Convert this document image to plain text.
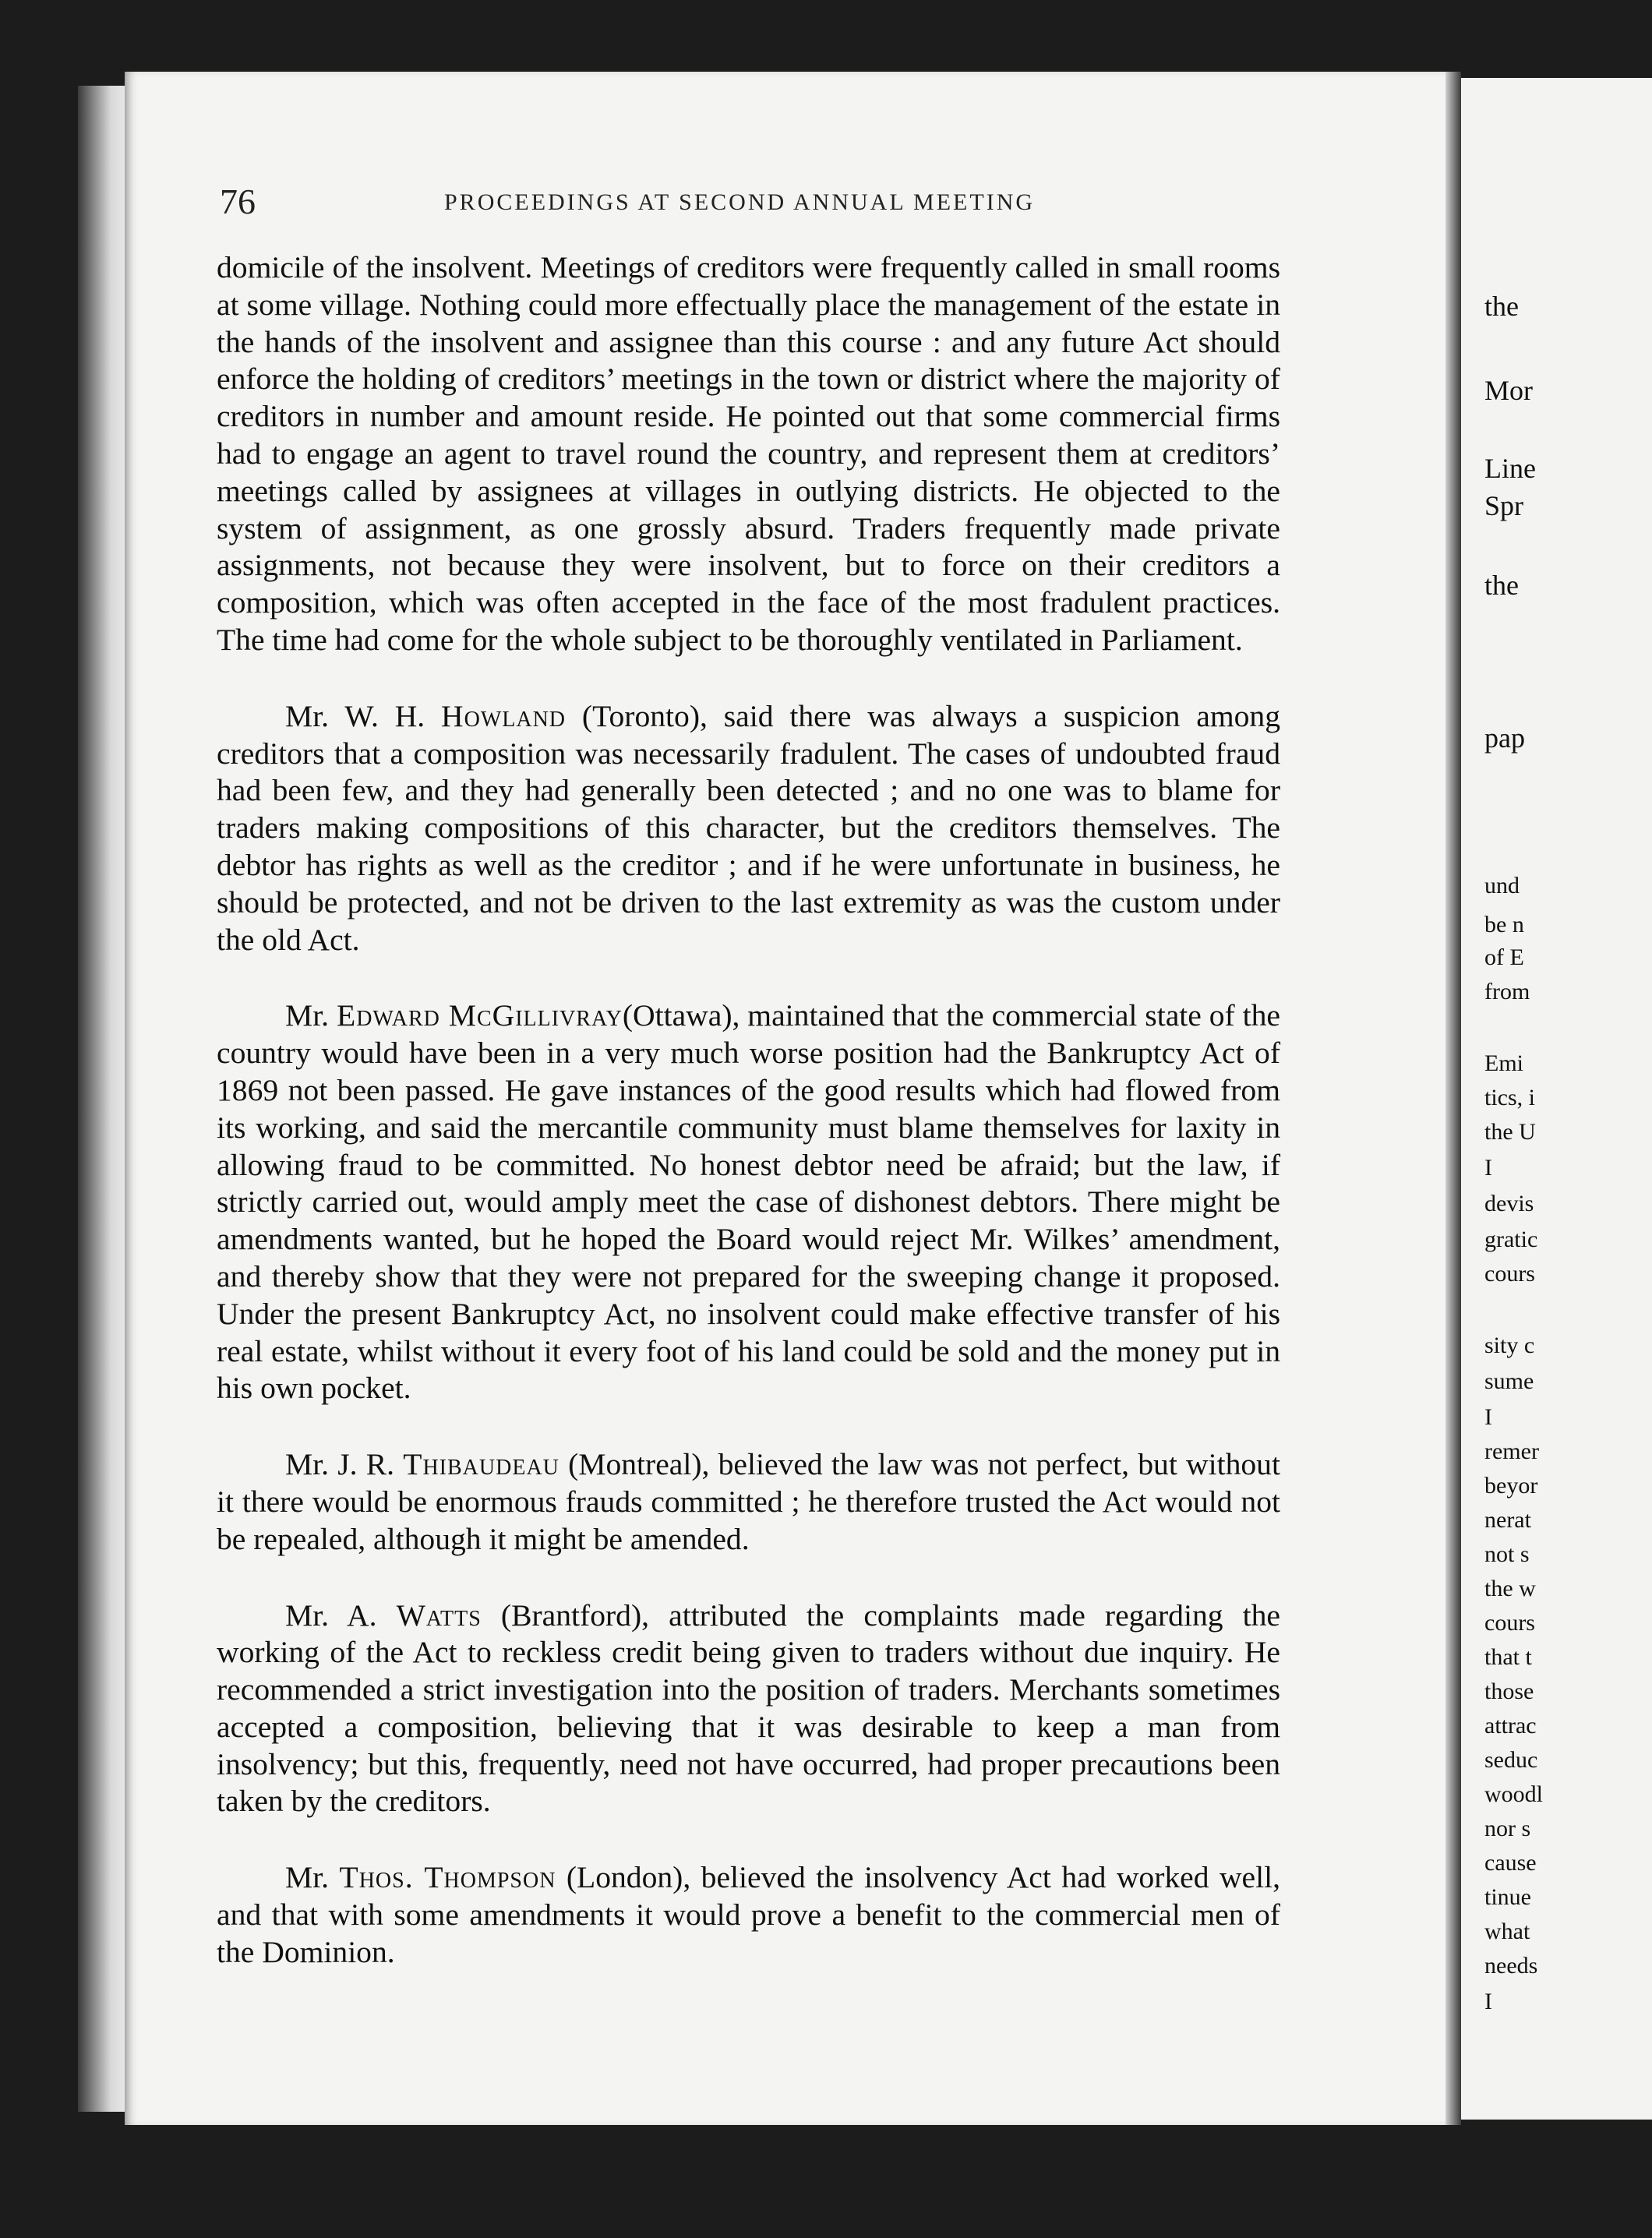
76	PROCEEDINGS AT SECOND ANNUAL MEETING

domicile of the insolvent. Meetings of creditors were frequently called in small rooms at some village. Nothing could more effectually place the management of the estate in the hands of the insolvent and assignee than this course : and any future Act should enforce the holding of creditors’ meetings in the town or district where the majority of creditors in number and amount reside. He pointed out that some commercial firms had to engage an agent to travel round the country, and represent them at creditors’ meetings called by assignees at villages in outlying districts. He objected to the system of assignment, as one grossly absurd. Traders frequently made private assignments, not because they were insolvent, but to force on their creditors a composition, which was often accepted in the face of the most fradulent practices. The time had come for the whole subject to be thoroughly ventilated in Parliament.

Mr. W. H. Howland (Toronto), said there was always a suspicion among creditors that a composition was necessarily fradulent. The cases of undoubted fraud had been few, and they had generally been detected ; and no one was to blame for traders making compositions of this character, but the creditors themselves. The debtor has rights as well as the creditor ; and if he were unfortunate in business, he should be protected, and not be driven to the last extremity as was the custom under the old Act.

Mr. Edward McGillivray(Ottawa), maintained that the commercial state of the country would have been in a very much worse position had the Bankruptcy Act of 1869 not been passed. He gave instances of the good results which had flowed from its working, and said the mercantile community must blame themselves for laxity in allowing fraud to be committed. No honest debtor need be afraid; but the law, if strictly carried out, would amply meet the case of dishonest debtors. There might be amendments wanted, but he hoped the Board would reject Mr. Wilkes’ amendment, and thereby show that they were not prepared for the sweeping change it proposed. Under the present Bankruptcy Act, no insolvent could make effective transfer of his real estate, whilst without it every foot of his land could be sold and the money put in his own pocket.

Mr. J. R. Thibaudeau (Montreal), believed the law was not perfect, but without it there would be enormous frauds committed ; he therefore trusted the Act would not be repealed, although it might be amended.

Mr. A. Watts (Brantford), attributed the complaints made regarding the working of the Act to reckless credit being given to traders without due inquiry. He recommended a strict investigation into the position of traders. Merchants sometimes accepted a composition, believing that it was desirable to keep a man from insolvency; but this, frequently, need not have occurred, had proper precautions been taken by the creditors.

Mr. Thos. Thompson (London), believed the insolvency Act had worked well, and that with some amendments it would prove a benefit to the commercial men of the Dominion.

the
Mor
Line
Spr
the
pap
und
be n
of E
from
Emi
tics, i
the U
I
devis
gratic
cours
sity c
sume
I
remer
beyor
nerat
not s
the w
cours
that t
those
attrac
seduc
woodl
nor s
cause
tinue
what
needs
I
